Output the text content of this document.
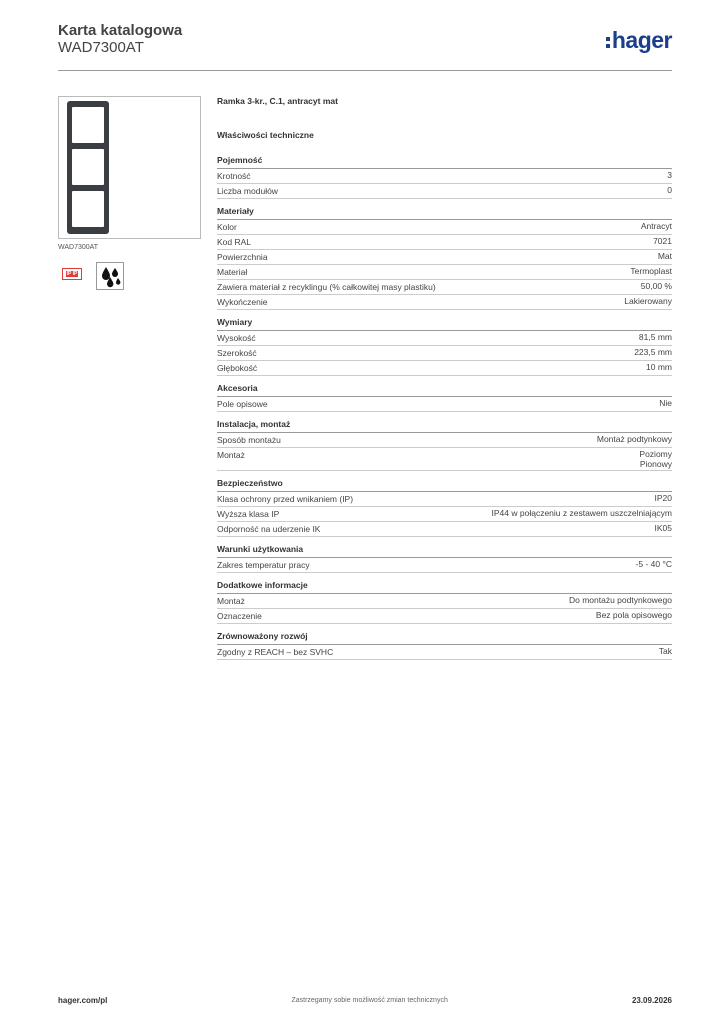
Karta katalogowa
WAD7300AT	hager
WAD7300AT
IP IP
Ramka 3-kr., C.1, antracyt mat
Właściwości techniczne
Pojemność
Krotność	3
Liczba modułów	0
Materiały
Kolor	Antracyt
Kod RAL	7021
Powierzchnia	Mat
Materiał	Termoplast
Zawiera materiał z recyklingu (% całkowitej masy plastiku)	50,00 %
Wykończenie	Lakierowany
Wymiary
Wysokość	81,5 mm
Szerokość	223,5 mm
Głębokość	10 mm
Akcesoria
Pole opisowe	Nie
Instalacja, montaż
Sposób montażu	Montaż podtynkowy
Montaż	Poziomy
Pionowy
Bezpieczeństwo
Klasa ochrony przed wnikaniem (IP)	IP20
Wyższa klasa IP	IP44 w połączeniu z zestawem uszczelniającym
Odporność na uderzenie IK	IK05
Warunki użytkowania
Zakres temperatur pracy	-5 - 40 °C
Dodatkowe informacje
Montaż	Do montażu podtynkowego
Oznaczenie	Bez pola opisowego
Zrównoważony rozwój
Zgodny z REACH – bez SVHC	Tak
hager.com/pl	Zastrzegamy sobie możliwość zmian technicznych	23.09.2026
